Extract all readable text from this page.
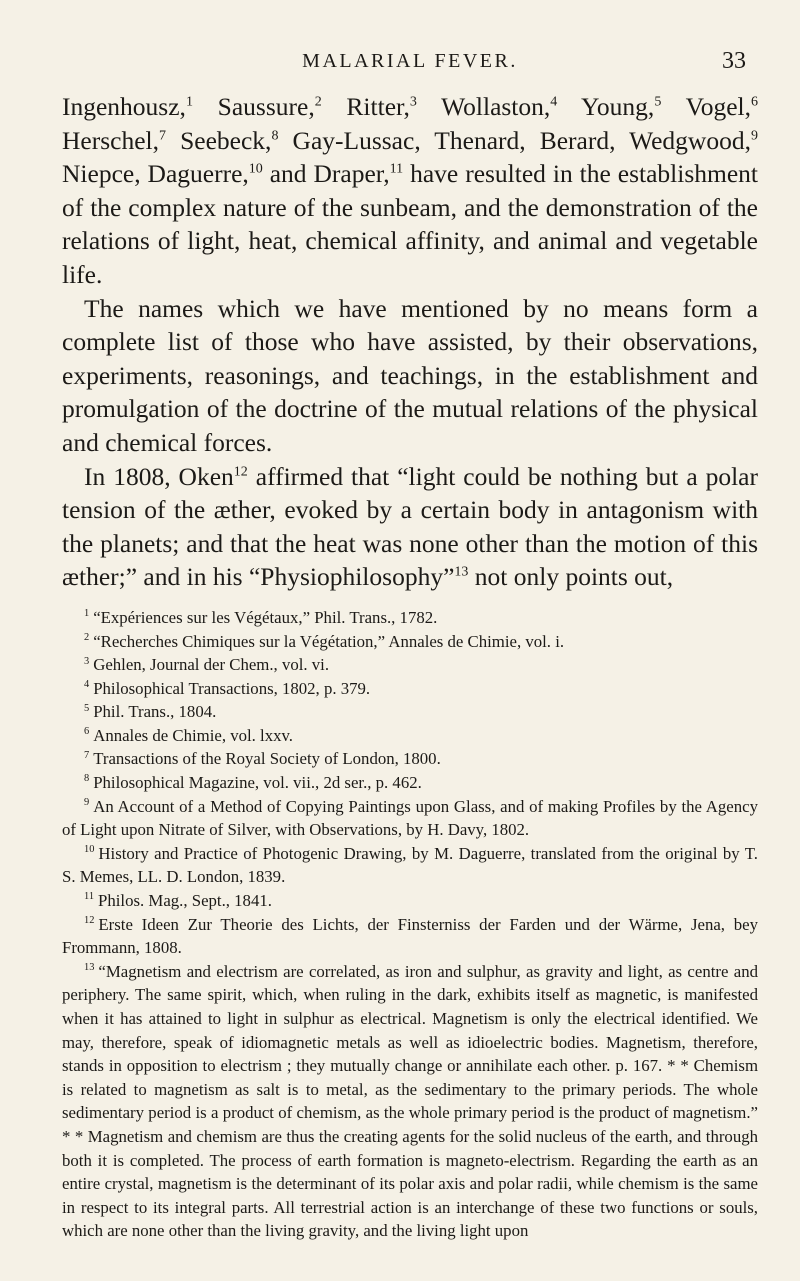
MALARIAL FEVER.	33

Ingenhousz,$^1$ Saussure,$^2$ Ritter,$^3$ Wollaston,$^4$ Young,$^5$ Vogel,$^6$ Herschel,$^7$ Seebeck,$^8$ Gay-Lussac, Thenard, Berard, Wedgwood,$^9$ Niepce, Daguerre,$^{10}$ and Draper,$^{11}$ have resulted in the establishment of the complex nature of the sunbeam, and the demonstration of the relations of light, heat, chemical affinity, and animal and vegetable life.

The names which we have mentioned by no means form a complete list of those who have assisted, by their observations, experiments, reasonings, and teachings, in the establishment and promulgation of the doctrine of the mutual relations of the physical and chemical forces.

In 1808, Oken$^{12}$ affirmed that “light could be nothing but a polar tension of the æther, evoked by a certain body in antagonism with the planets; and that the heat was none other than the motion of this æther;” and in his “Physiophilosophy”$^{13}$ not only points out,

$^1$ “Expériences sur les Végétaux,” Phil. Trans., 1782.

$^2$ “Recherches Chimiques sur la Végétation,” Annales de Chimie, vol. i.

$^3$ Gehlen, Journal der Chem., vol. vi.

$^4$ Philosophical Transactions, 1802, p. 379.

$^5$ Phil. Trans., 1804.

$^6$ Annales de Chimie, vol. lxxv.

$^7$ Transactions of the Royal Society of London, 1800.

$^8$ Philosophical Magazine, vol. vii., 2d ser., p. 462.

$^9$ An Account of a Method of Copying Paintings upon Glass, and of making Profiles by the Agency of Light upon Nitrate of Silver, with Observations, by H. Davy, 1802.

$^{10}$ History and Practice of Photogenic Drawing, by M. Daguerre, translated from the original by T. S. Memes, LL. D. London, 1839.

$^{11}$ Philos. Mag., Sept., 1841.

$^{12}$ Erste Ideen Zur Theorie des Lichts, der Finsterniss der Farden und der Wärme, Jena, bey Frommann, 1808.

$^{13}$ “Magnetism and electrism are correlated, as iron and sulphur, as gravity and light, as centre and periphery. The same spirit, which, when ruling in the dark, exhibits itself as magnetic, is manifested when it has attained to light in sulphur as electrical. Magnetism is only the electrical identified. We may, therefore, speak of idiomagnetic metals as well as idioelectric bodies. Magnetism, therefore, stands in opposition to electrism ; they mutually change or annihilate each other. p. 167. * * Chemism is related to magnetism as salt is to metal, as the sedimentary to the primary periods. The whole sedimentary period is a product of chemism, as the whole primary period is the product of magnetism.” * * Magnetism and chemism are thus the creating agents for the solid nucleus of the earth, and through both it is completed. The process of earth formation is magneto-electrism. Regarding the earth as an entire crystal, magnetism is the determinant of its polar axis and polar radii, while chemism is the same in respect to its integral parts. All terrestrial action is an interchange of these two functions or souls, which are none other than the living gravity, and the living light upon
